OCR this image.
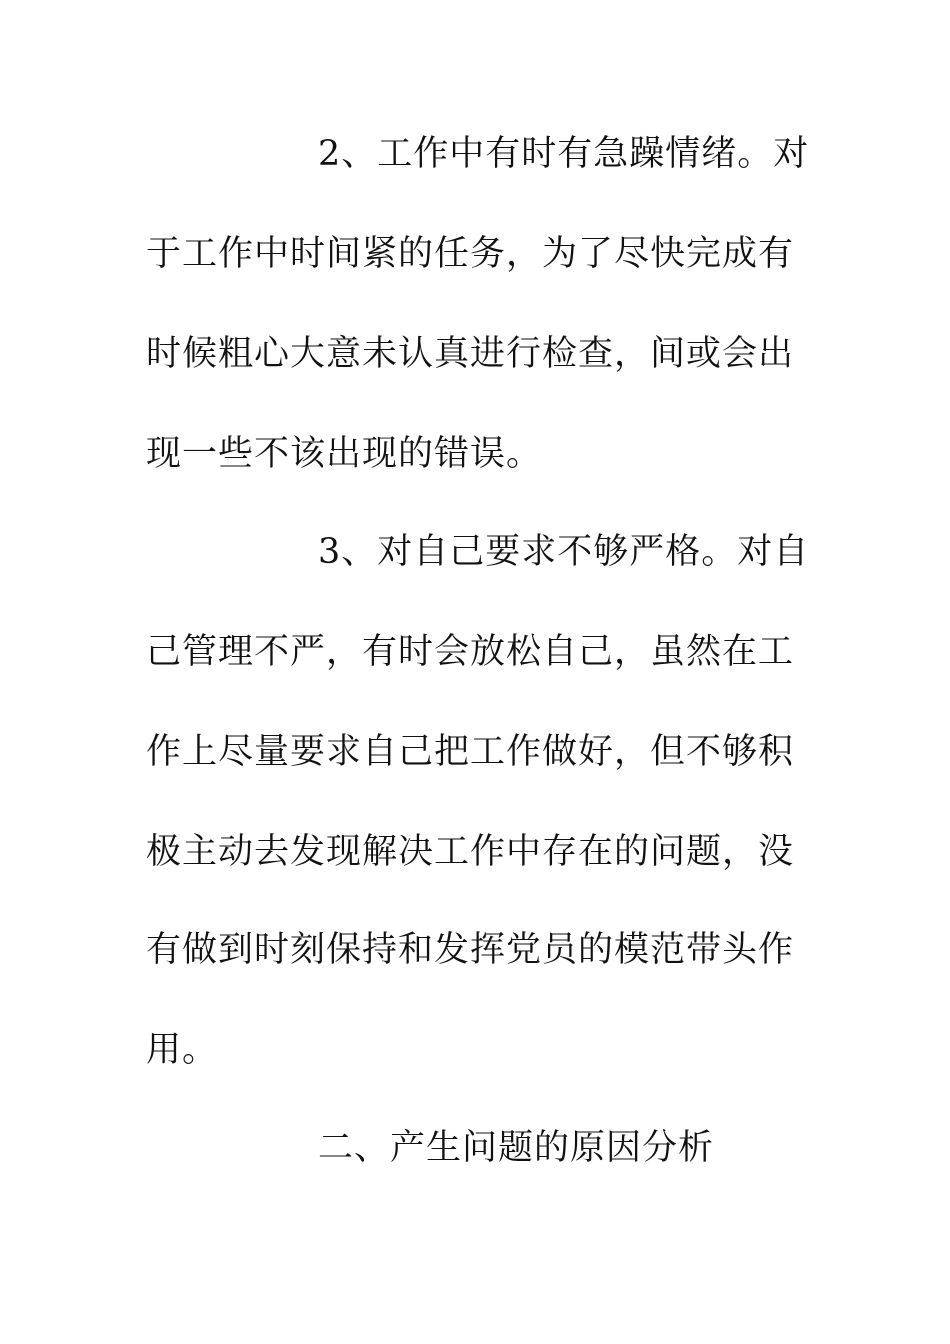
2、工作中有时有急躁情绪。对
于工作中时间紧的任务，为了尽快完成有
时候粗心大意未认真进行检查，间或会出
现一些不该出现的错误。
3、对自己要求不够严格。对自
己管理不严，有时会放松自己，虽然在工
作上尽量要求自己把工作做好，但不够积
极主动去发现解决工作中存在的问题，没
有做到时刻保持和发挥党员的模范带头作
用。
二、产生问题的原因分析
